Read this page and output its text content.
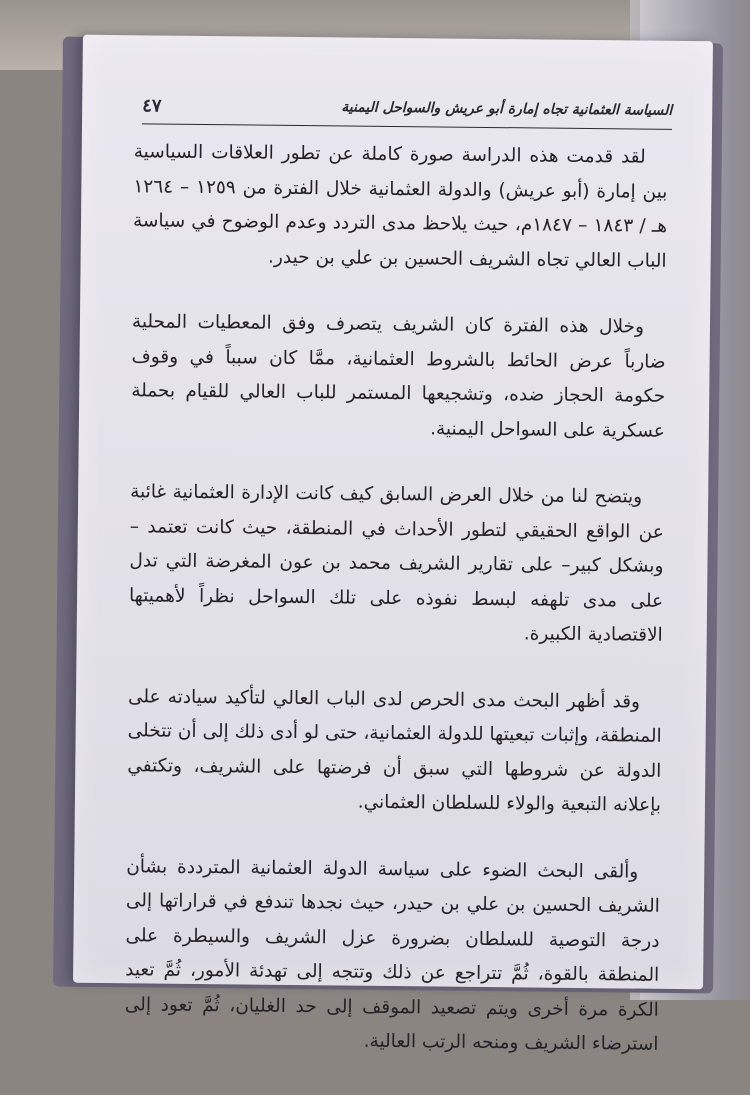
السياسة العثمانية تجاه إمارة أبو عريش والسواحل اليمنية
٤٧

لقد قدمت هذه الدراسة صورة كاملة عن تطور العلاقات السياسية بين إمارة (أبو عريش) والدولة العثمانية خلال الفترة من ١٢٥٩ – ١٢٦٤ هـ / ١٨٤٣ – ١٨٤٧م، حيث يلاحظ مدى التردد وعدم الوضوح في سياسة الباب العالي تجاه الشريف الحسين بن علي بن حيدر.

وخلال هذه الفترة كان الشريف يتصرف وفق المعطيات المحلية ضارباً عرض الحائط بالشروط العثمانية، ممَّا كان سبباً في وقوف حكومة الحجاز ضده، وتشجيعها المستمر للباب العالي للقيام بحملة عسكرية على السواحل اليمنية.

ويتضح لنا من خلال العرض السابق كيف كانت الإدارة العثمانية غائبة عن الواقع الحقيقي لتطور الأحداث في المنطقة، حيث كانت تعتمد – وبشكل كبير– على تقارير الشريف محمد بن عون المغرضة التي تدل على مدى تلهفه لبسط نفوذه على تلك السواحل نظراً لأهميتها الاقتصادية الكبيرة.

وقد أظهر البحث مدى الحرص لدى الباب العالي لتأكيد سيادته على المنطقة، وإثبات تبعيتها للدولة العثمانية، حتى لو أدى ذلك إلى أن تتخلى الدولة عن شروطها التي سبق أن فرضتها على الشريف، وتكتفي بإعلانه التبعية والولاء للسلطان العثماني.

وألقى البحث الضوء على سياسة الدولة العثمانية المترددة بشأن الشريف الحسين بن علي بن حيدر، حيث نجدها تندفع في قراراتها إلى درجة التوصية للسلطان بضرورة عزل الشريف والسيطرة على المنطقة بالقوة، ثُمَّ تتراجع عن ذلك وتتجه إلى تهدئة الأمور، ثُمَّ تعيد الكرة مرة أخرى ويتم تصعيد الموقف إلى حد الغليان، ثُمَّ تعود إلى استرضاء الشريف ومنحه الرتب العالية.
